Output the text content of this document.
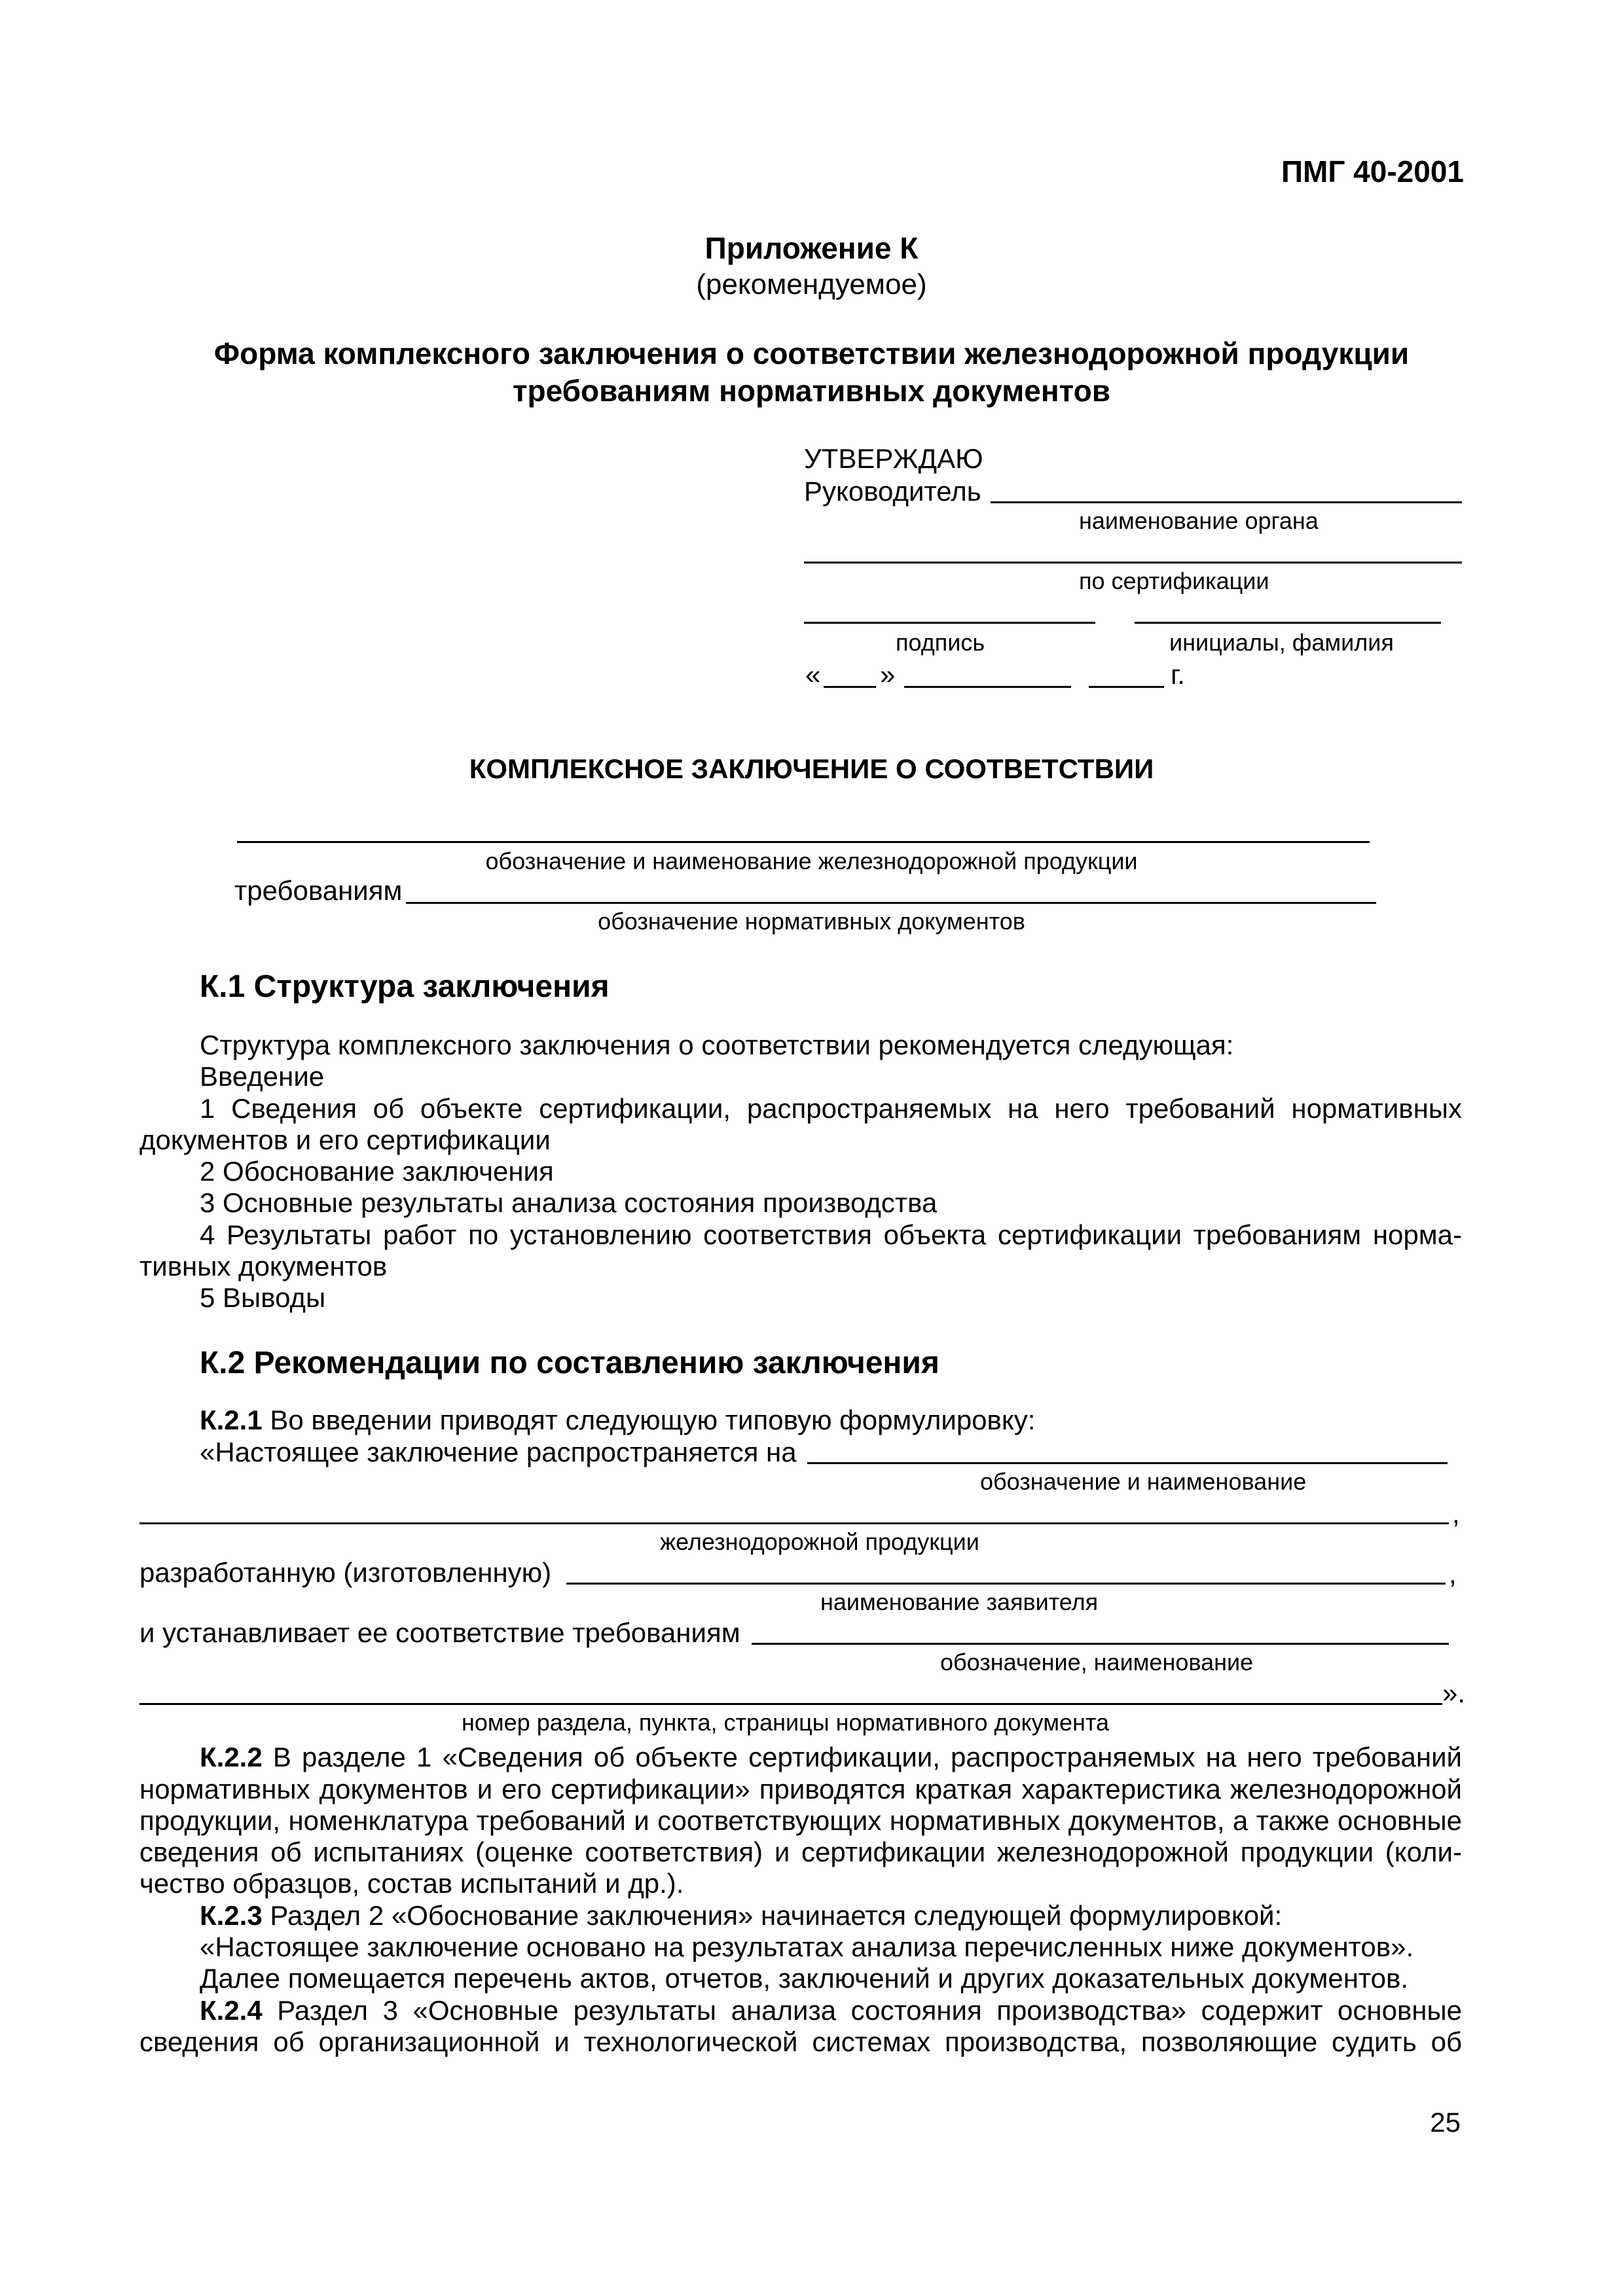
ПМГ 40-2001
Приложение К
(рекомендуемое)
Форма комплексного заключения о соответствии железнодорожной продукции
требованиям нормативных документов
УТВЕРЖДАЮ
Руководитель
наименование органа
по сертификации
подпись	инициалы, фамилия
« »	г.
КОМПЛЕКСНОЕ ЗАКЛЮЧЕНИЕ О СООТВЕТСТВИИ
обозначение и наименование железнодорожной продукции
требованиям
обозначение нормативных документов
К.1 Структура заключения
Структура комплексного заключения о соответствии рекомендуется следующая:
Введение
1 Сведения об объекте сертификации, распространяемых на него требований нормативных
документов и его сертификации
2 Обоснование заключения
3 Основные результаты анализа состояния производства
4 Результаты работ по установлению соответствия объекта сертификации требованиям норма-
тивных документов
5 Выводы
К.2 Рекомендации по составлению заключения
К.2.1 Во введении приводят следующую типовую формулировку:
«Настоящее заключение распространяется на
обозначение и наименование
,
железнодорожной продукции
разработанную (изготовленную)	,
наименование заявителя
и устанавливает ее соответствие требованиям
обозначение, наименование
».
номер раздела, пункта, страницы нормативного документа
К.2.2 В разделе 1 «Сведения об объекте сертификации, распространяемых на него требований
нормативных документов и его сертификации» приводятся краткая характеристика железнодорожной
продукции, номенклатура требований и соответствующих нормативных документов, а также основные
сведения об испытаниях (оценке соответствия) и сертификации железнодорожной продукции (коли-
чество образцов, состав испытаний и др.).
К.2.3 Раздел 2 «Обоснование заключения» начинается следующей формулировкой:
«Настоящее заключение основано на результатах анализа перечисленных ниже документов».
Далее помещается перечень актов, отчетов, заключений и других доказательных документов.
К.2.4 Раздел 3 «Основные результаты анализа состояния производства» содержит основные
сведения об организационной и технологической системах производства, позволяющие судить об
25
